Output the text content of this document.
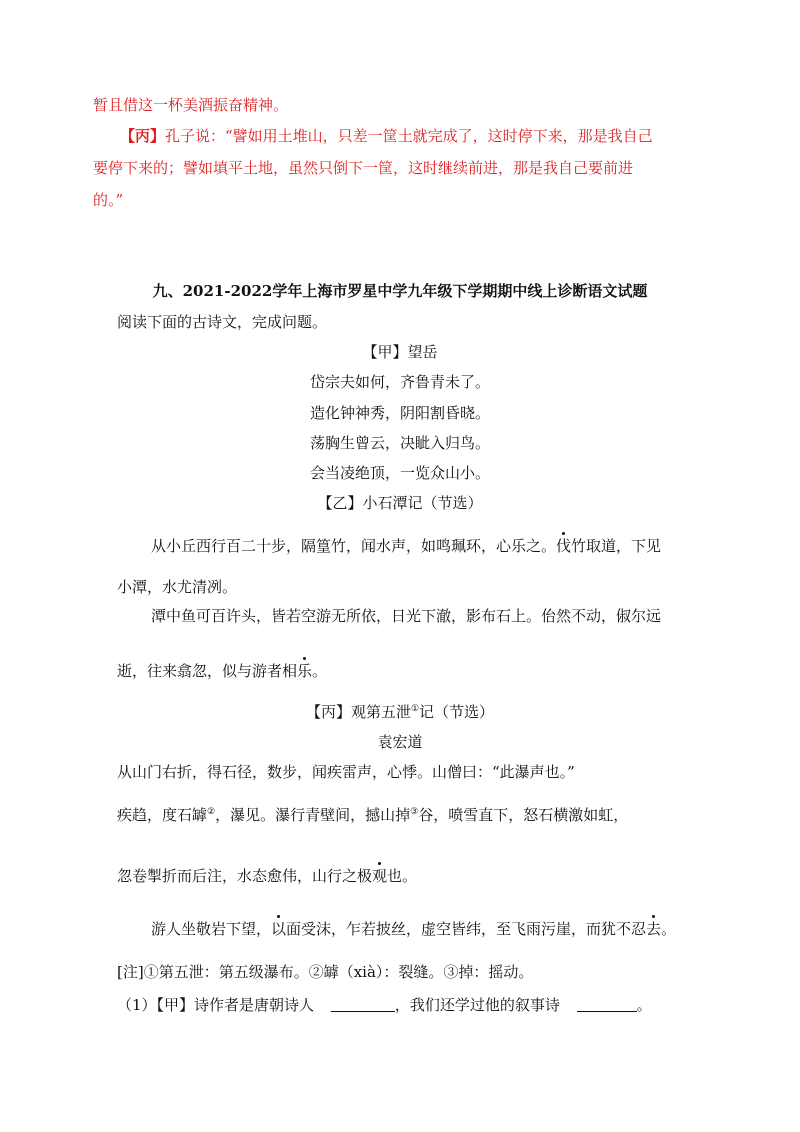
暂且借这一杯美酒振奋精神。
【丙】孔子说：“譬如用土堆山，只差一筐土就完成了，这时停下来，那是我自己
要停下来的；譬如填平土地，虽然只倒下一筐，这时继续前进，那是我自己要前进
的。”
九、2021-2022学年上海市罗星中学九年级下学期期中线上诊断语文试题
阅读下面的古诗文，完成问题。
【甲】望岳
岱宗夫如何，齐鲁青未了。
造化钟神秀，阴阳割昏晓。
荡胸生曾云，决眦入归鸟。
会当凌绝顶，一览众山小。
【乙】小石潭记（节选）
从小丘西行百二十步，隔篁竹，闻水声，如鸣珮环，心乐之。伐竹取道，下见
小潭，水尤清冽。
潭中鱼可百许头，皆若空游无所依，日光下澈，影布石上。佁然不动，俶尔远
逝，往来翕忽，似与游者相乐。
【丙】观第五泄①记（节选）
袁宏道
从山门右折，得石径，数步，闻疾雷声，心悸。山僧曰：“此瀑声也。”
疾趋，度石罅②，瀑见。瀑行青壁间，撼山掉③谷，喷雪直下，怒石横激如虹，
忽卷掣折而后注，水态愈伟，山行之极观也。
游人坐敬岩下望，以面受沫，乍若披丝，虚空皆纬，至飞雨污崖，而犹不忍去。
[注]①第五泄：第五级瀑布。②罅（xià）：裂缝。③掉：摇动。
（1）【甲】诗作者是唐朝诗人	，我们还学过他的叙事诗	。
